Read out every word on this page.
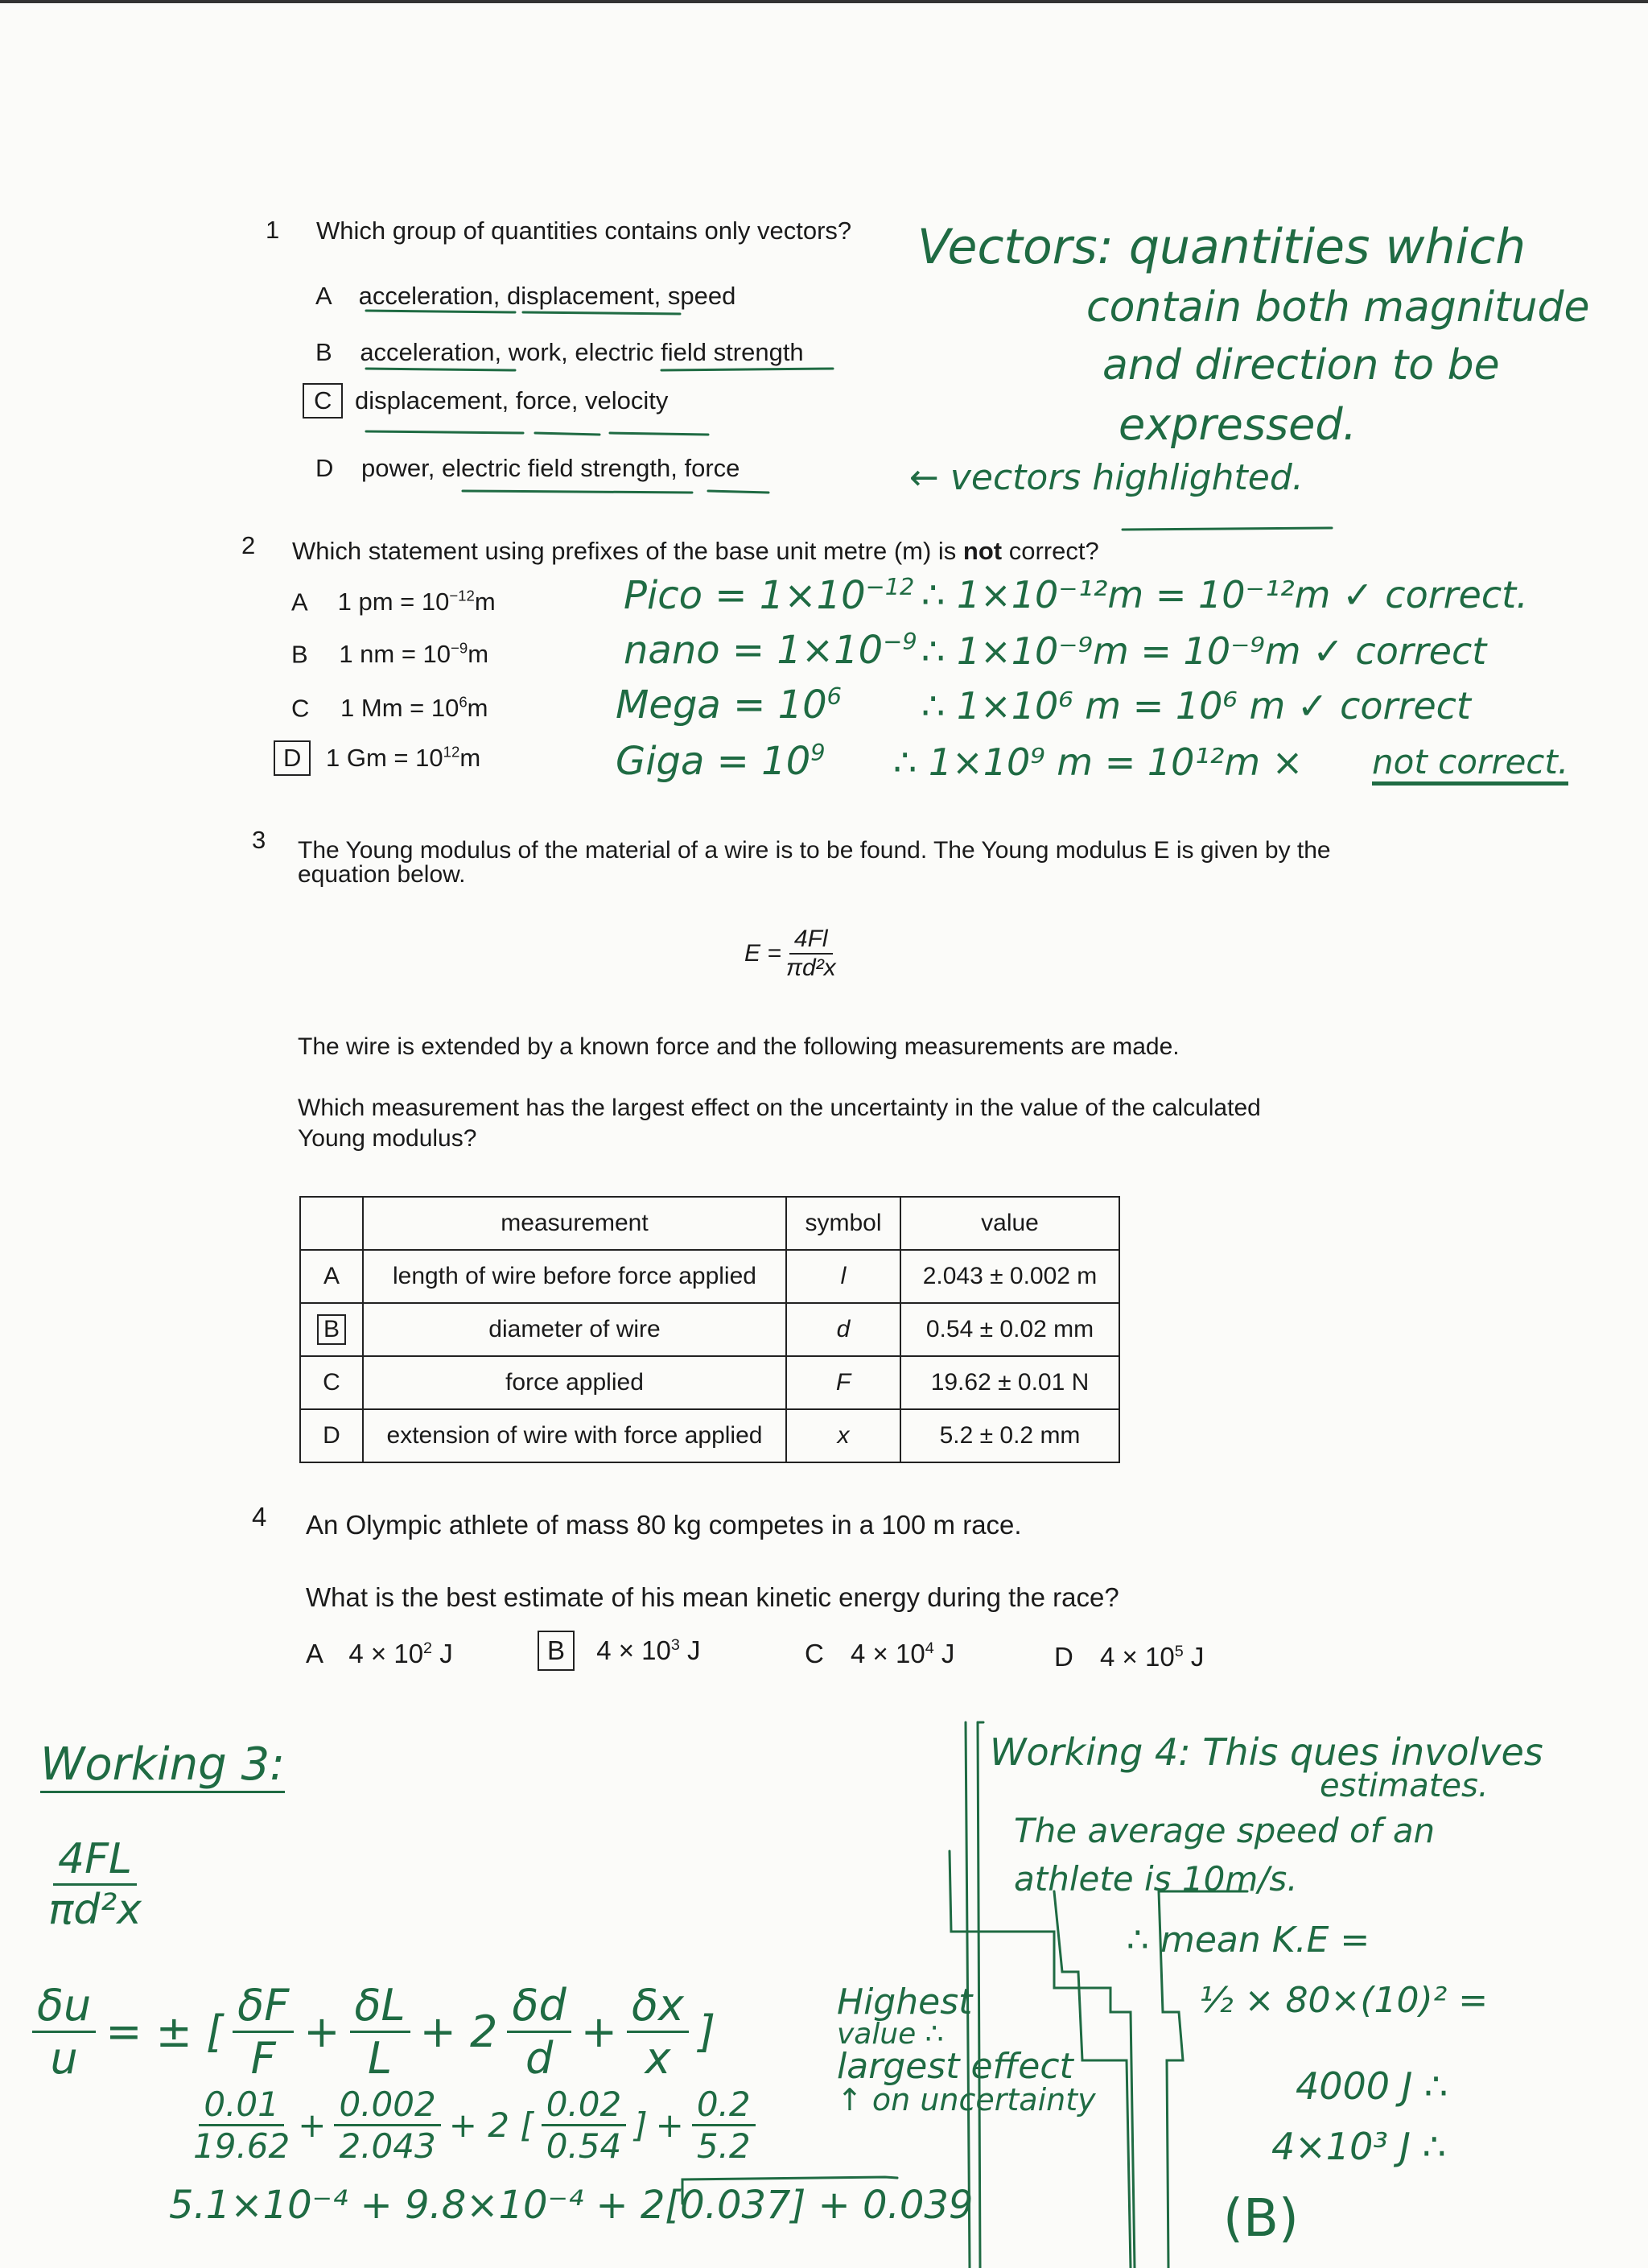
1 Which group of quantities contains only vectors?
A acceleration, displacement, speed
B acceleration, work, electric field strength
C displacement, force, velocity
D power, electric field strength, force
Vectors: quantities which
contain both magnitude
and direction to be
expressed.
← vectors highlighted.
2 Which statement using prefixes of the base unit metre (m) is not correct?
A 1 pm = $10^{-12}m$
B 1 nm = $10^{-9}m$
C 1 $Mm = 10^6m$
D 1 $Gm = 10^{12}m$
Pico = $1\times 10^{-12}$
nano = $1\times 10^{-9}$
Mega = $10^6$
Giga = $10^9$
∴ 1×10⁻¹²m = 10⁻¹²m ✓ correct.
∴ 1×10⁻⁹m = 10⁻⁹m ✓ correct
∴ 1×10⁶ m = 10⁶ m ✓ correct
∴ 1×10⁹ m = 10¹²m × not correct.
3 The Young modulus of the material of a wire is to be found. The Young modulus E is given by the
equation below.
$E = \frac{4Fl}{\text{πd²x}}$
The wire is extended by a known force and the following measurements are made.
Which measurement has the largest effect on the uncertainty in the value of the calculated
Young modulus?
	measurement	symbol	value
A	length of wire before force applied	l	2.043 ± 0.002 m
B	diameter of wire	d	0.54 ± 0.02 mm
C	force applied	F	19.62 ± 0.01 N
D	extension of wire with force applied	x	5.2 ± 0.2 mm
4 An Olympic athlete of mass 80 kg competes in a 100 m race.
What is the best estimate of his mean kinetic energy during the race?
A $4 \times 10^2$ J	B $4 \times 10^3$ J	C $4 \times 10^4$ J	D $4 \times 10^5$ J
Working 3:
$\frac{4FL}{\text{πd²x}}$
$\frac{\delta u}{u}$ = ± [ $\frac{\delta F}{F} + \frac{\delta L}{L} + 2 \frac{\delta d}{d} + \frac{\delta x}{x}$ ]
$\frac{0.01}{19.62} + \frac{0.002}{2.043} + 2$ [ $\frac{0.02}{0.54}$ ] + $\frac{0.2}{5.2}$
5.1×10⁻⁴ + 9.8×10⁻⁴ + 2[0.037] + 0.039
Highest
value ∴
largest effect
↑ on uncertainty
Working 4: This ques involves
estimates.
The average speed of an
athlete is 10m/s.
∴ mean K.E =
½ × 80×(10)² =
4000 J ∴
4×10³ J ∴
(B)
